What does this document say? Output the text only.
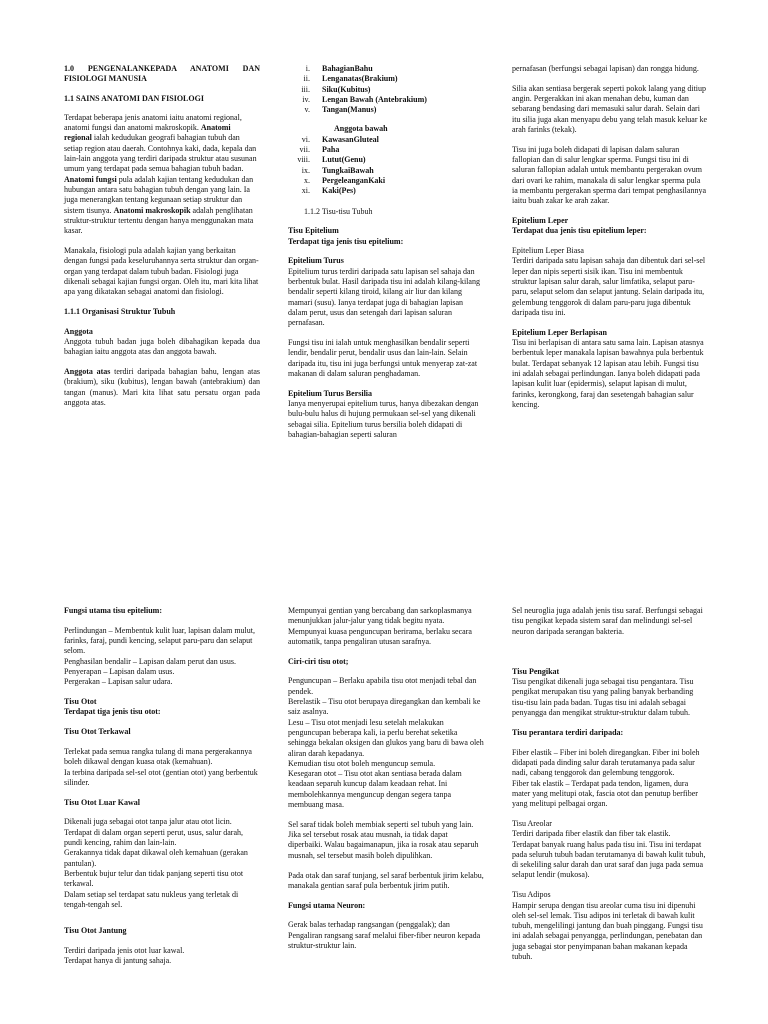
1.0 PENGENALANKEPADA ANATOMI DAN FISIOLOGI MANUSIA
1.1 SAINS ANATOMI DAN FISIOLOGI

Terdapat beberapa jenis anatomi iaitu anatomi regional, anatomi fungsi dan anatomi makroskopik. Anatomi regional ialah kedudukan geografi bahagian tubuh dan setiap region atau daerah. Contohnya kaki, dada, kepala dan lain-lain anggota yang terdiri daripada struktur atau susunan umum yang terdapat pada semua bahagian tubuh badan. Anatomi fungsi pula adalah kajian tentang kedudukan dan hubungan antara satu bahagian tubuh dengan yang lain. Ia juga menerangkan tentang kegunaan setiap struktur dan sistem tisunya. Anatomi makroskopik adalah penglihatan struktur-struktur tertentu dengan hanya menggunakan mata kasar.

Manakala, fisiologi pula adalah kajian yang berkaitan dengan fungsi pada keseluruhannya serta struktur dan organ-organ yang terdapat dalam tubuh badan. Fisiologi juga dikenali sebagai kajian fungsi organ. Oleh itu, mari kita lihat apa yang dikatakan sebagai anatomi dan fisiologi.

1.1.1 Organisasi Struktur Tubuh
Anggota

Anggota tubuh badan juga boleh dibahagikan kepada dua bahagian iaitu anggota atas dan anggota bawah.

Anggota atas terdiri daripada bahagian bahu, lengan atas (brakium), siku (kubitus), lengan bawah (antebrakium) dan tangan (manus). Mari kita lihat satu persatu organ pada anggota atas.

i.	BahagianBahu
ii.	Lenganatas(Brakium)
iii.	Siku(Kubitus)
iv.	Lengan Bawah (Antebrakium)
v.	Tangan(Manus)
Anggota bawah
vi.	KawasanGluteal
vii.	Paha
viii.	Lutut(Genu)
ix.	TungkaiBawah
x.	PergeleanganKaki
xi.	Kaki(Pes)

1.1.2 Tisu-tisu Tubuh

Tisu Epitelium
Terdapat tiga jenis tisu epitelium:
Epitelium Turus

Epitelium turus terdiri daripada satu lapisan sel sahaja dan berbentuk bulat. Hasil daripada tisu ini adalah kilang-kilang bendalir seperti kilang tiroid, kilang air liur dan kilang mamari (susu). Ianya terdapat juga di bahagian lapisan dalam perut, usus dan setengah dari lapisan saluran pernafasan.

Fungsi tisu ini ialah untuk menghasilkan bendalir seperti lendir, bendalir perut, bendalir usus dan lain-lain. Selain daripada itu, tisu ini juga berfungsi untuk menyerap zat-zat makanan di dalam saluran penghadaman.

Epitelium Turus Bersilia

Ianya menyerupai epitelium turus, hanya dibezakan dengan bulu-bulu halus di hujung permukaan sel-sel yang dikenali sebagai silia. Epitelium turus bersilia boleh didapati di bahagian-bahagian seperti saluran

pernafasan (berfungsi sebagai lapisan) dan rongga hidung.

Silia akan sentiasa bergerak seperti pokok lalang yang ditiup angin. Pergerakkan ini akan menahan debu, kuman dan sebarang bendasing dari memasuki salur darah. Selain dari itu silia juga akan menyapu debu yang telah masuk keluar ke arah farinks (tekak).

Tisu ini juga boleh didapati di lapisan dalam saluran fallopian dan di salur lengkar sperma. Fungsi tisu ini di saluran fallopian adalah untuk membantu pergerakan ovum dari ovari ke rahim, manakala di salur lengkar sperma pula ia membantu pergerakan sperma dari tempat penghasilannya iaitu buah zakar ke arah zakar.

Epitelium Leper
Terdapat dua jenis tisu epitelium leper:
Epitelium Leper Biasa

Terdiri daripada satu lapisan sahaja dan dibentuk dari sel-sel leper dan nipis seperti sisik ikan. Tisu ini membentuk struktur lapisan salur darah, salur limfatika, selaput paru-paru, selaput selom dan selaput jantung. Selain daripada itu, gelembung tenggorok di dalam paru-paru juga dibentuk daripada tisu ini.

Epitelium Leper Berlapisan

Tisu ini berlapisan di antara satu sama lain. Lapisan atasnya berbentuk leper manakala lapisan bawahnya pula berbentuk bulat. Terdapat sebanyak 12 lapisan atau lebih. Fungsi tisu ini adalah sebagai perlindungan. Ianya boleh didapati pada lapisan kulit luar (epidermis), selaput lapisan di mulut, farinks, kerongkong, faraj dan sesetengah bahagian salur kencing.

Fungsi utama tisu epitelium:

Perlindungan – Membentuk kulit luar, lapisan dalam mulut, farinks, faraj, pundi kencing, selaput paru-paru dan selaput selom.
Penghasilan bendalir – Lapisan dalam perut dan usus.
Penyerapan – Lapisan dalam usus.
Pergerakan – Lapisan salur udara.

Tisu Otot
Terdapat tiga jenis tisu otot:
Tisu Otot Terkawal

Terlekat pada semua rangka tulang di mana pergerakannya boleh dikawal dengan kuasa otak (kemahuan).
Ia terbina daripada sel-sel otot (gentian otot) yang berbentuk silinder.

Tisu Otot Luar Kawal

Dikenali juga sebagai otot tanpa jalur atau otot licin.
Terdapat di dalam organ seperti perut, usus, salur darah, pundi kencing, rahim dan lain-lain.
Gerakannya tidak dapat dikawal oleh kemahuan (gerakan pantulan).
Berbentuk bujur telur dan tidak panjang seperti tisu otot terkawal.
Dalam setiap sel terdapat satu nukleus yang terletak di tengah-tengah sel.

Tisu Otot Jantung

Terdiri daripada jenis otot luar kawal.
Terdapat hanya di jantung sahaja.

Mempunyai gentian yang bercabang dan sarkoplasmanya menunjukkan jalur-jalur yang tidak begitu nyata.
Mempunyai kuasa penguncupan berirama, berlaku secara automatik, tanpa pengaliran utusan sarafnya.

Ciri-ciri tisu otot;

Penguncupan – Berlaku apabila tisu otot menjadi tebal dan pendek.
Berelastik – Tisu otot berupaya diregangkan dan kembali ke saiz asalnya.
Lesu – Tisu otot menjadi lesu setelah melakukan penguncupan beberapa kali, ia perlu berehat seketika sehingga bekalan oksigen dan glukos yang baru di bawa oleh aliran darah kepadanya.
Kemudian tisu otot boleh menguncup semula.
Kesegaran otot – Tisu otot akan sentiasa berada dalam keadaan separuh kuncup dalam keadaan rehat. Ini membolehkannya menguncup dengan segera tanpa membuang masa.

Sel saraf tidak boleh membiak seperti sel tubuh yang lain. Jika sel tersebut rosak atau musnah, ia tidak dapat diperbaiki. Walau bagaimanapun, jika ia rosak atau separuh musnah, sel tersebut masih boleh dipulihkan.

Pada otak dan saraf tunjang, sel saraf berbentuk jirim kelabu, manakala gentian saraf pula berbentuk jirim putih.

Fungsi utama Neuron:

Gerak balas terhadap rangsangan (penggalak); dan Pengaliran rangsang saraf melalui fiber-fiber neuron kepada struktur-struktur lain.

Sel neuroglia juga adalah jenis tisu saraf. Berfungsi sebagai tisu pengikat kepada sistem saraf dan melindungi sel-sel neuron daripada serangan bakteria.

Tisu Pengikat

Tisu pengikat dikenali juga sebagai tisu pengantara. Tisu pengikat merupakan tisu yang paling banyak berbanding tisu-tisu lain pada badan. Tugas tisu ini adalah sebagai penyangga dan mengikat struktur-struktur dalam tubuh.

Tisu perantara terdiri daripada:

Fiber elastik – Fiber ini boleh diregangkan. Fiber ini boleh didapati pada dinding salur darah terutamanya pada salur nadi, cabang tenggorok dan gelembung tenggorok.
Fiber tak elastik – Terdapat pada tendon, ligamen, dura mater yang melitupi otak, fascia otot dan penutup berfiber yang melitupi pelbagai organ.

Tisu Areolar

Terdiri daripada fiber elastik dan fiber tak elastik.
Terdapat banyak ruang halus pada tisu ini. Tisu ini terdapat pada seluruh tubuh badan terutamanya di bawah kulit tubuh, di sekeliling salur darah dan urat saraf dan juga pada semua selaput lendir (mukosa).

Tisu Adipos

Hampir serupa dengan tisu areolar cuma tisu ini dipenuhi oleh sel-sel lemak. Tisu adipos ini terletak di bawah kulit tubuh, mengelilingi jantung dan buah pinggang. Fungsi tisu ini adalah sebagai penyangga, perlindungan, penebatan dan juga sebagai stor penyimpanan bahan makanan kepada tubuh.
